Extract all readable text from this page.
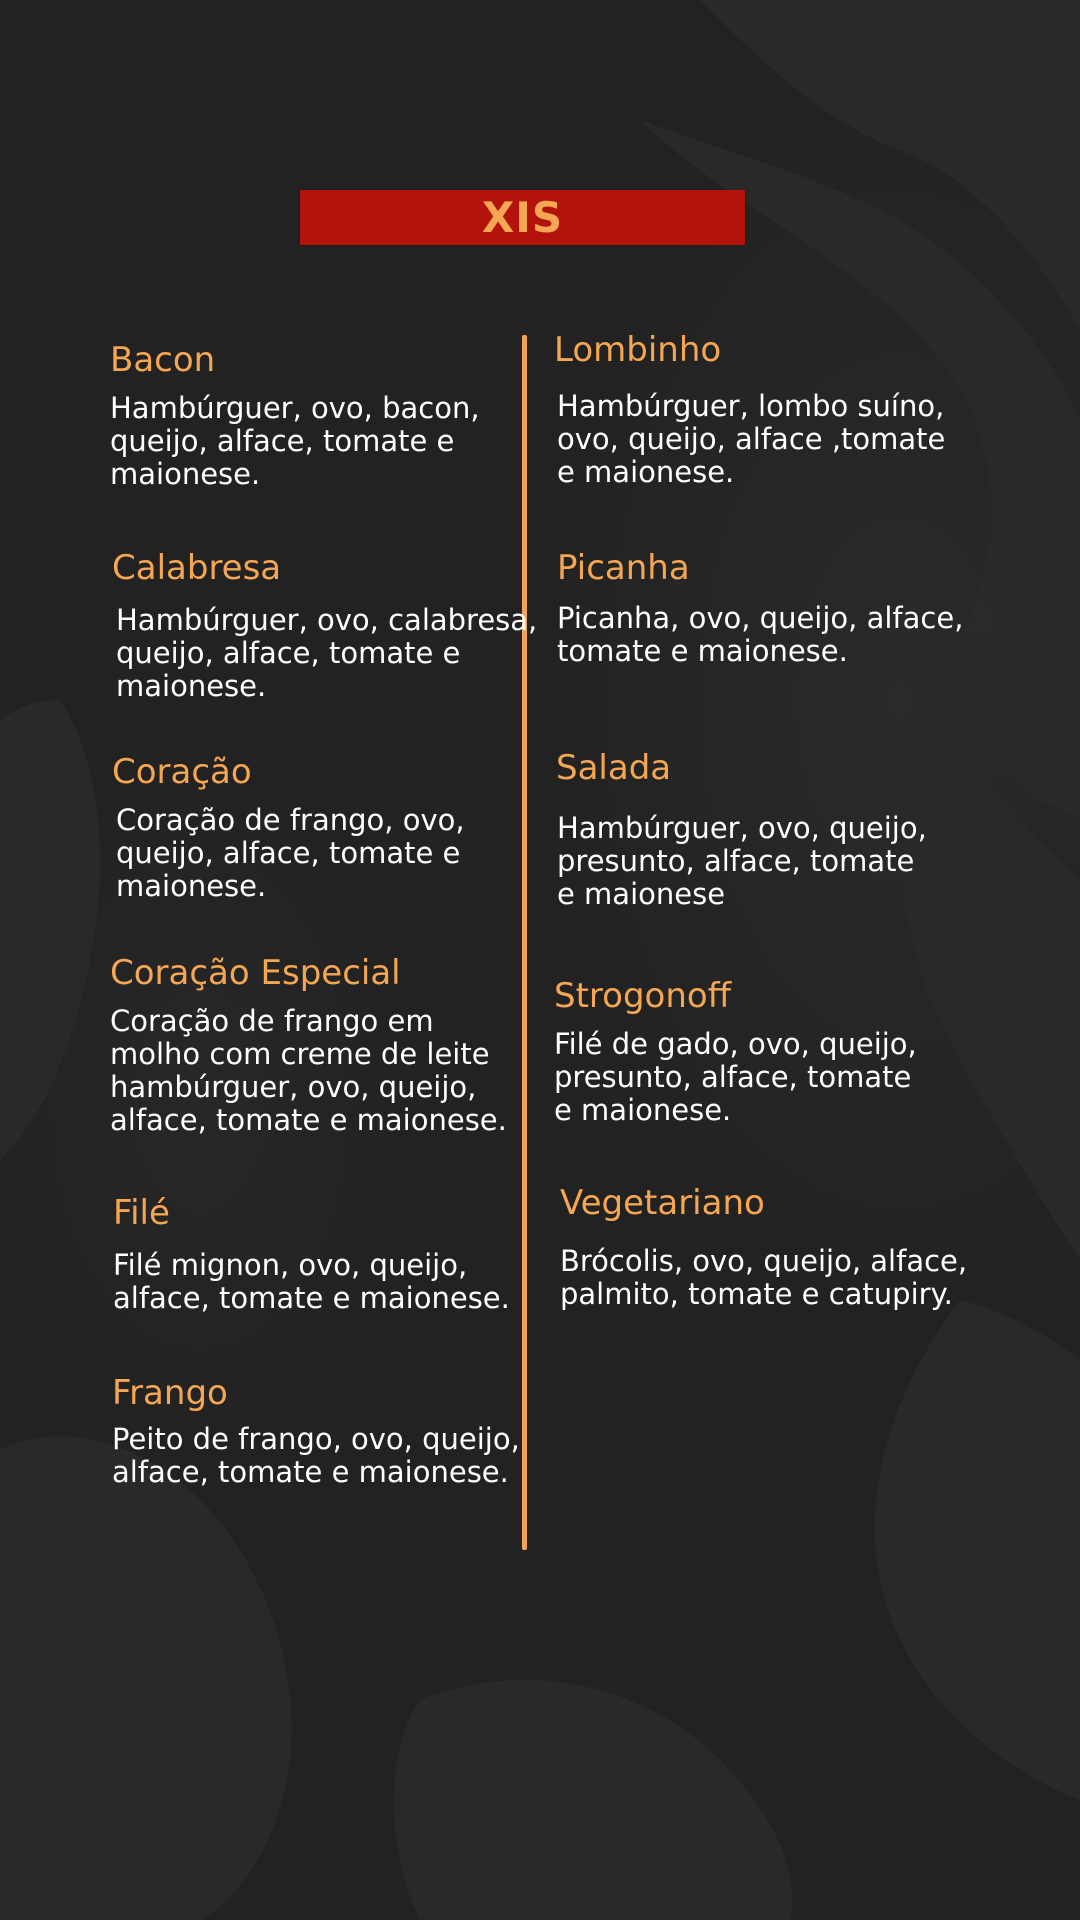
XIS

Bacon

Hambúrguer, ovo, bacon,
queijo, alface, tomate e
maionese.

Calabresa

Hambúrguer, ovo, calabresa,
queijo, alface, tomate e
maionese.

Coração

Coração de frango, ovo,
queijo, alface, tomate e
maionese.

Coração Especial

Coração de frango em
molho com creme de leite
hambúrguer, ovo, queijo,
alface, tomate e maionese.

Filé

Filé mignon, ovo, queijo,
alface, tomate e maionese.

Frango

Peito de frango, ovo, queijo,
alface, tomate e maionese.

Lombinho

Hambúrguer, lombo suíno,
ovo, queijo, alface ,tomate
e maionese.

Picanha

Picanha, ovo, queijo, alface,
tomate e maionese.

Salada

Hambúrguer, ovo, queijo,
presunto, alface, tomate
e maionese

Strogonoff

Filé de gado, ovo, queijo,
presunto, alface, tomate
e maionese.

Vegetariano

Brócolis, ovo, queijo, alface,
palmito, tomate e catupiry.
